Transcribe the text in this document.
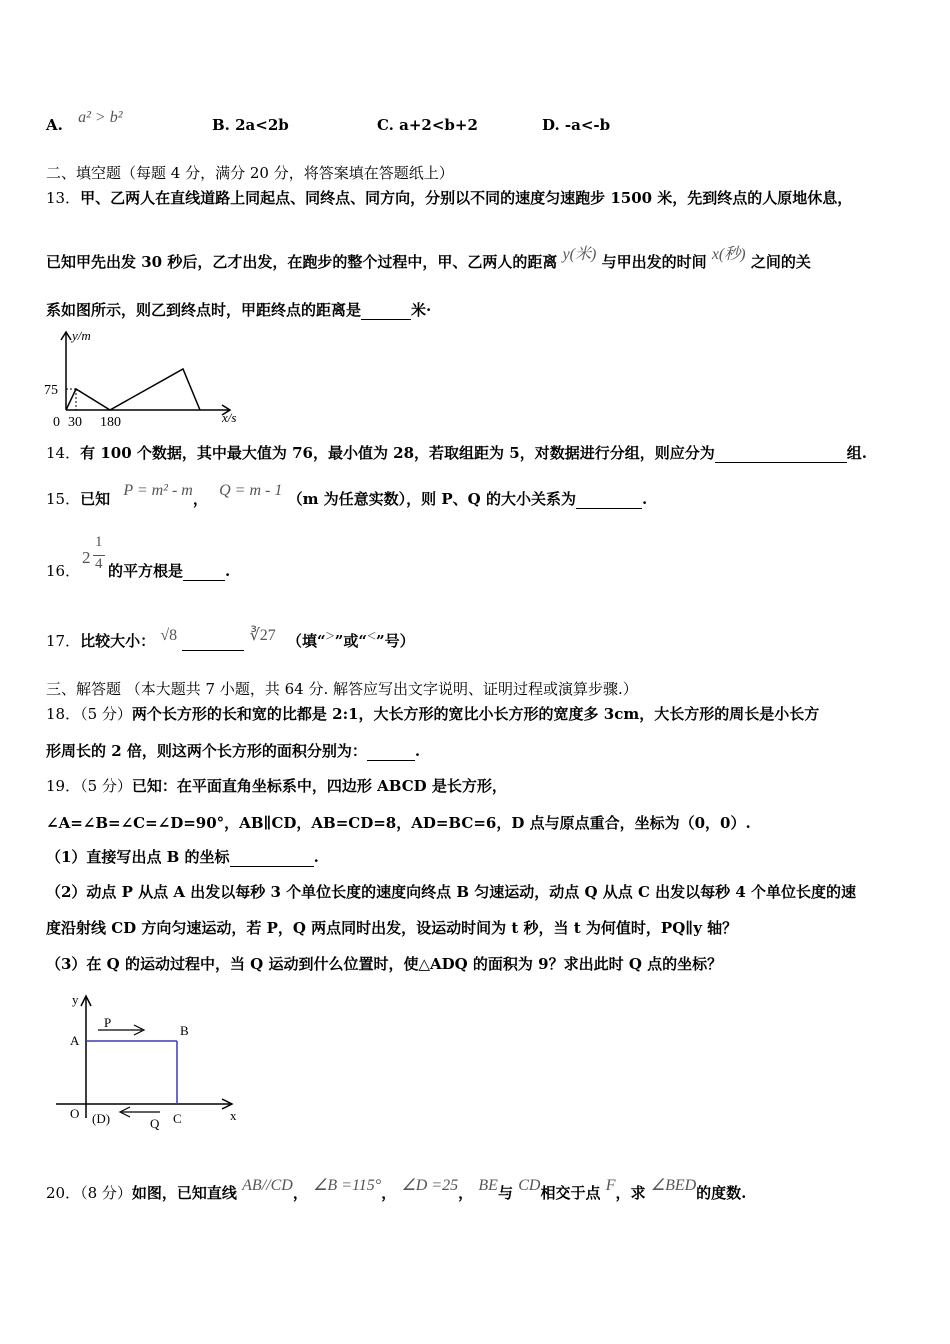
A. a² > b²	B. 2a<2b	C. a+2<b+2	D. -a<-b
二、填空题（每题 4 分，满分 20 分，将答案填在答题纸上）
13．甲、乙两人在直线道路上同起点、同终点、同方向，分别以不同的速度匀速跑步 1500 米，先到终点的人原地休息，
已知甲先出发 30 秒后，乙才出发，在跑步的整个过程中，甲、乙两人的距离 y(米) 与甲出发的时间 x(秒) 之间的关
系如图所示，则乙到终点时，甲距终点的距离是	米·
y/m
x/s
75
0 30 180
14．有 100 个数据，其中最大值为 76，最小值为 28，若取组距为 5，对数据进行分组，则应分为	组.
15．已知 P = m² - m， Q = m - 1 （m 为任意实数），则 P、Q 的大小关系为	.
16．
2
1
4 的平方根是	.
17．比较大小： √8	∛27 （填“>”或“<”号）
三、解答题 （本大题共 7 小题，共 64 分. 解答应写出文字说明、证明过程或演算步骤.）
18．（5 分）两个长方形的长和宽的比都是 2:1，大长方形的宽比小长方形的宽度多 3cm，大长方形的周长是小长方
形周长的 2 倍，则这两个长方形的面积分别为：	.
19．（5 分）已知：在平面直角坐标系中，四边形 ABCD 是长方形，
∠A=∠B=∠C=∠D=90°，AB∥CD，AB=CD=8，AD=BC=6，D 点与原点重合，坐标为（0，0）.
（1）直接写出点 B 的坐标	.
（2）动点 P 从点 A 出发以每秒 3 个单位长度的速度向终点 B 匀速运动，动点 Q 从点 C 出发以每秒 4 个单位长度的速
度沿射线 CD 方向匀速运动，若 P，Q 两点同时出发，设运动时间为 t 秒，当 t 为何值时，PQ∥y 轴？
（3）在 Q 的运动过程中，当 Q 运动到什么位置时，使△ADQ 的面积为 9？求出此时 Q 点的坐标？
y
x
A
B
C
O (D)
P
Q
20．（8 分）如图，已知直线 AB//CD， ∠B =115°， ∠D =25， BE与 CD相交于点 F，求 ∠BED的度数.
